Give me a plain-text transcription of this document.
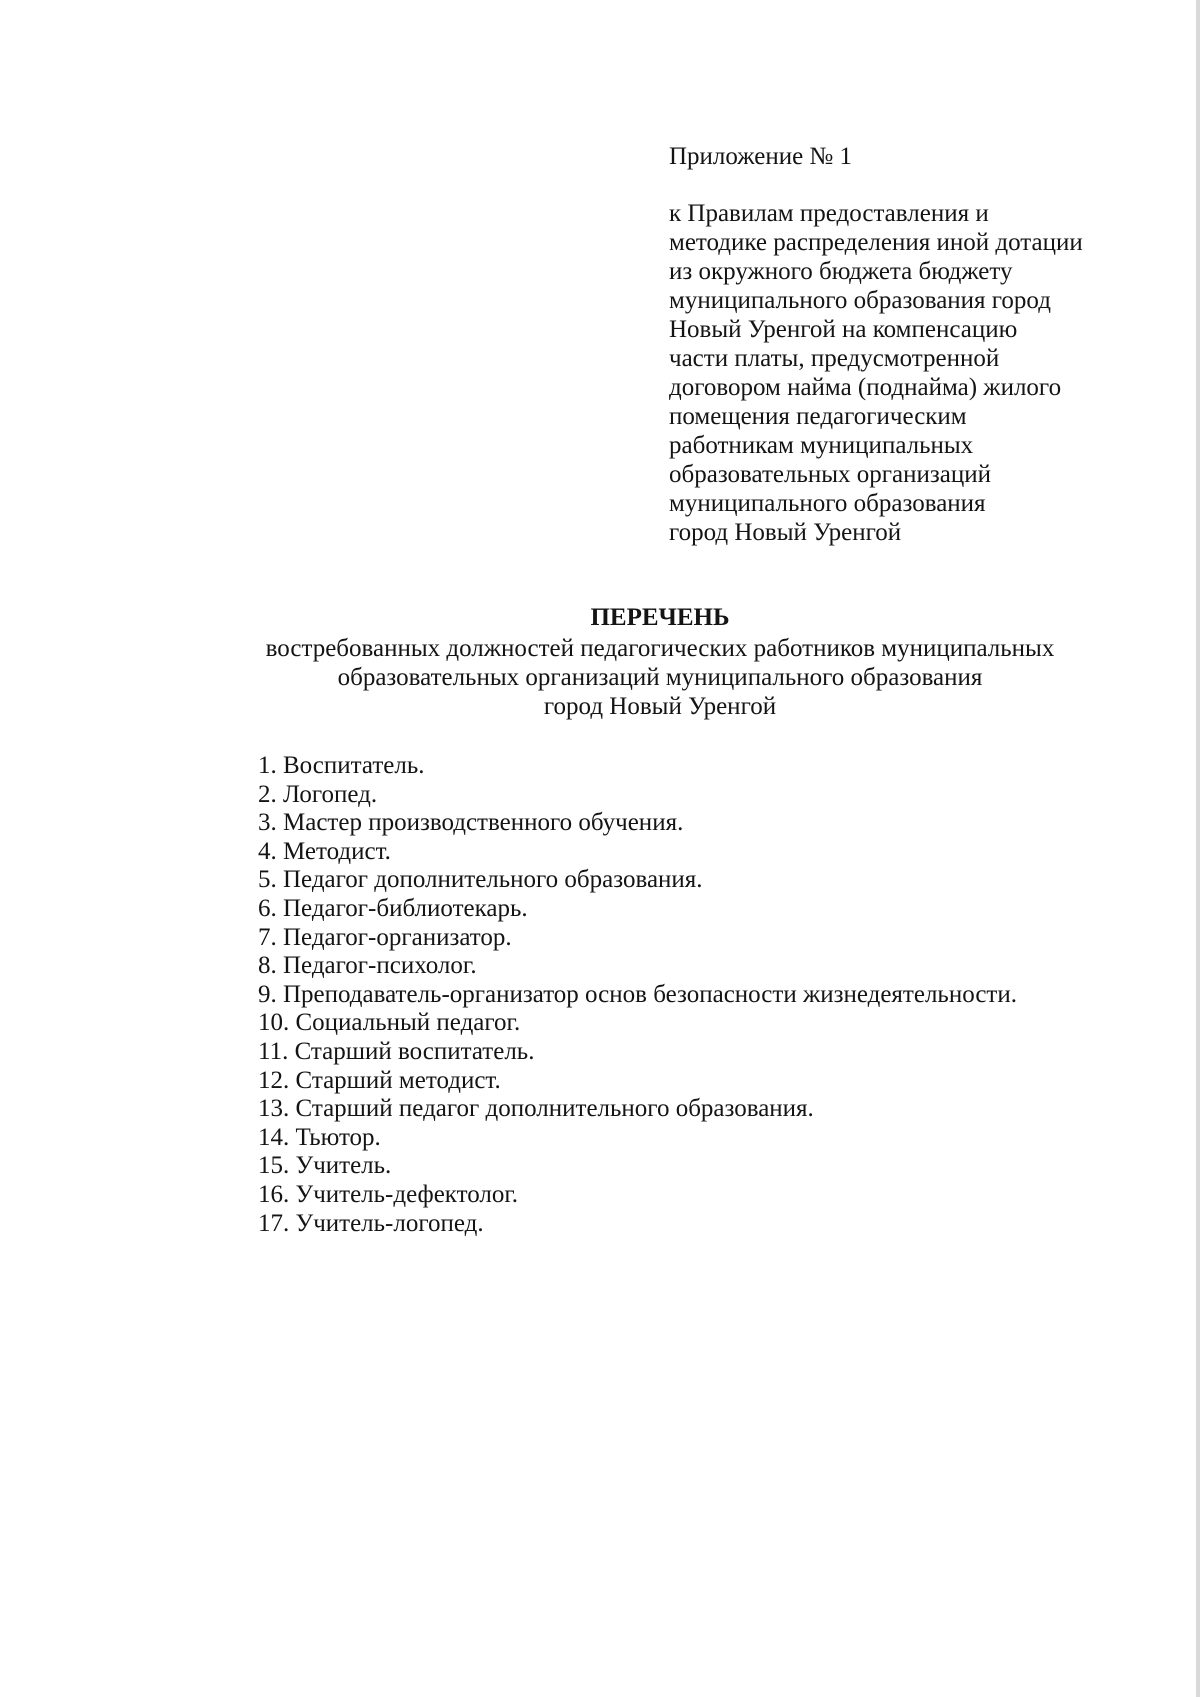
Приложение № 1
к Правилам предоставления и
методике распределения иной дотации
из окружного бюджета бюджету
муниципального образования город
Новый Уренгой на компенсацию
части платы, предусмотренной
договором найма (поднайма) жилого
помещения педагогическим
работникам муниципальных
образовательных организаций
муниципального образования
город Новый Уренгой
ПЕРЕЧЕНЬ
востребованных должностей педагогических работников муниципальных
образовательных организаций муниципального образования
город Новый Уренгой
1. Воспитатель.
2. Логопед.
3. Мастер производственного обучения.
4. Методист.
5. Педагог дополнительного образования.
6. Педагог-библиотекарь.
7. Педагог-организатор.
8. Педагог-психолог.
9. Преподаватель-организатор основ безопасности жизнедеятельности.
10. Социальный педагог.
11. Старший воспитатель.
12. Старший методист.
13. Старший педагог дополнительного образования.
14. Тьютор.
15. Учитель.
16. Учитель-дефектолог.
17. Учитель-логопед.
